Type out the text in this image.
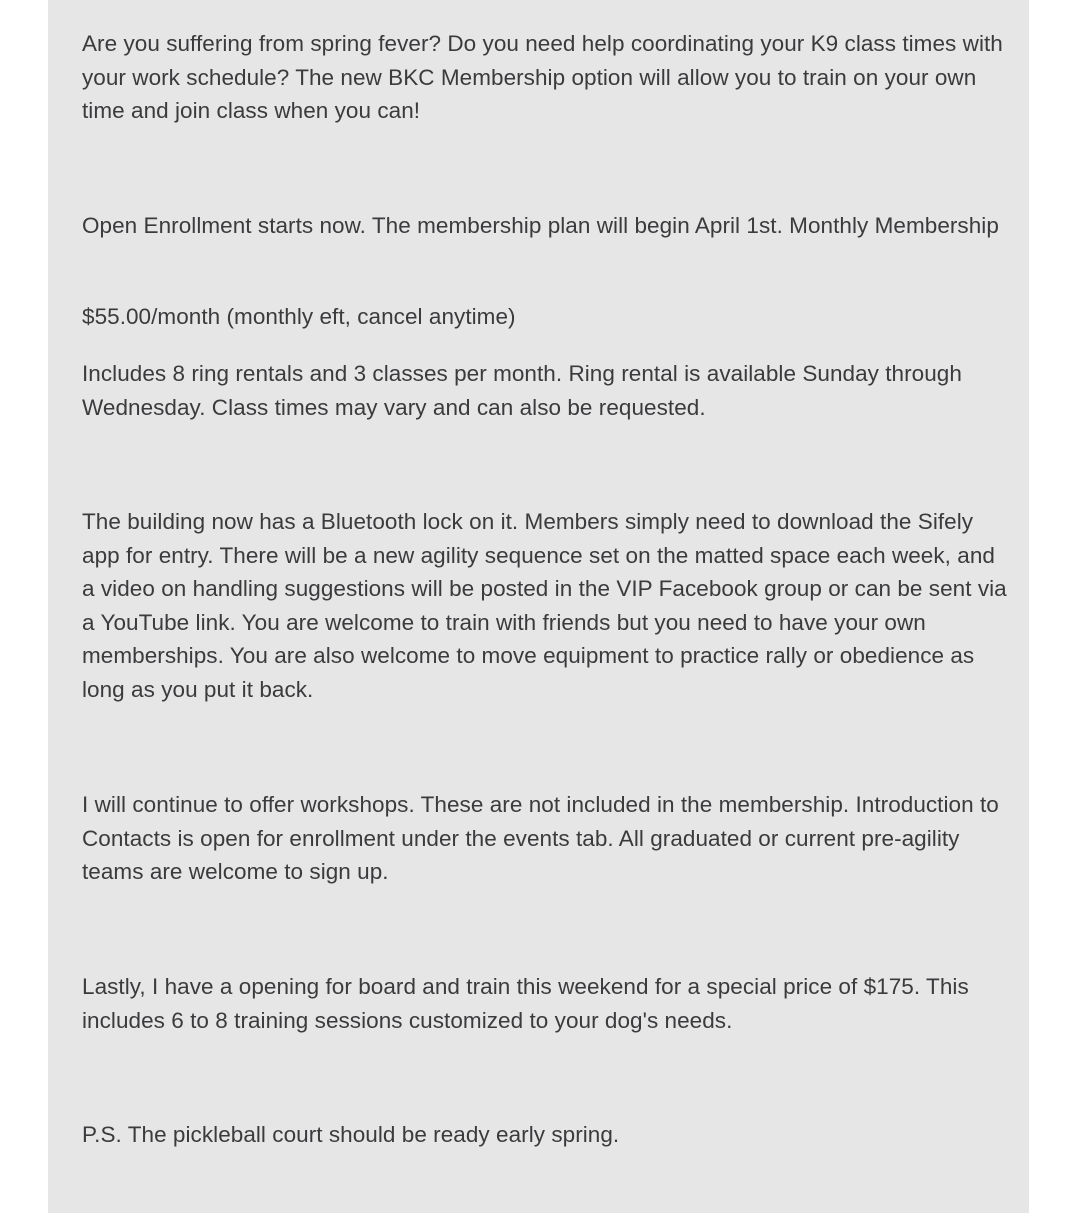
Are you suffering from spring fever? Do you need help coordinating your K9 class times with your work schedule? The new BKC Membership option will allow you to train on your own time and join class when you can!

Open Enrollment starts now. The membership plan will begin April 1st. Monthly Membership

$55.00/month (monthly eft, cancel anytime)

Includes 8 ring rentals and 3 classes per month. Ring rental is available Sunday through Wednesday. Class times may vary and can also be requested.

The building now has a Bluetooth lock on it. Members simply need to download the Sifely app for entry. There will be a new agility sequence set on the matted space each week, and a video on handling suggestions will be posted in the VIP Facebook group or can be sent via a YouTube link. You are welcome to train with friends but you need to have your own memberships. You are also welcome to move equipment to practice rally or obedience as long as you put it back.

I will continue to offer workshops. These are not included in the membership. Introduction to Contacts is open for enrollment under the events tab. All graduated or current pre-agility teams are welcome to sign up.

Lastly, I have a opening for board and train this weekend for a special price of $175. This includes 6 to 8 training sessions customized to your dog's needs.

P.S. The pickleball court should be ready early spring.
